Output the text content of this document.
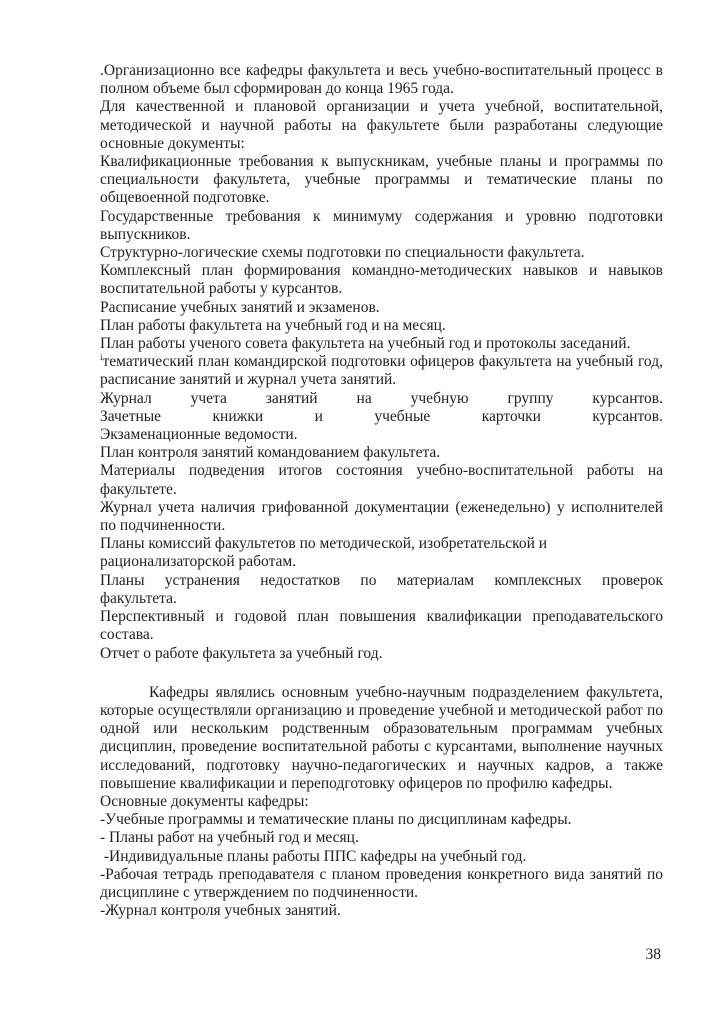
.Организационно все кафедры факультета и весь учебно-воспитательный процесс в полном объеме был сформирован до конца 1965 года.

Для качественной и плановой организации и учета учебной, воспитательной, методической и научной работы на факультете были разработаны следующие основные документы:

Квалификационные требования к выпускникам, учебные планы и программы по специальности факультета, учебные программы и тематические планы по общевоенной подготовке.

Государственные требования к минимуму содержания и уровню подготовки выпускников.

Структурно-логические схемы подготовки по специальности факультета.

Комплексный план формирования командно-методических навыков и навыков воспитательной работы у курсантов.

Расписание учебных занятий и экзаменов.

План работы факультета на учебный год и на месяц.

План работы ученого совета факультета на учебный год и протоколы заседаний.

$^i$тематический план командирской подготовки офицеров факультета на учебный год, расписание занятий и журнал учета занятий.

Журнал учета занятий на учебную группу курсантов.

Зачетные книжки и учебные карточки курсантов.

Экзаменационные ведомости.

План контроля занятий командованием факультета.

Материалы подведения итогов состояния учебно-воспитательной работы на факультете.

Журнал учета наличия грифованной документации (еженедельно) у исполнителей по подчиненности.

Планы комиссий факультетов по методической, изобретательской и

рационализаторской работам.

Планы устранения недостатков по материалам комплексных проверок

факультета.

Перспективный и годовой план повышения квалификации преподавательского состава.

Отчет о работе факультета за учебный год.

Кафедры являлись основным учебно-научным подразделением факультета, которые осуществляли организацию и проведение учебной и методической работ по одной или нескольким родственным образовательным программам учебных дисциплин, проведение воспитательной работы с курсантами, выполнение научных исследований, подготовку научно-педагогических и научных кадров, а также повышение квалификации и переподготовку офицеров по профилю кафедры.

Основные документы кафедры:

-Учебные программы и тематические планы по дисциплинам кафедры.

- Планы работ на учебный год и месяц.

-Индивидуальные планы работы ППС кафедры на учебный год.

-Рабочая тетрадь преподавателя с планом проведения конкретного вида занятий по дисциплине с утверждением по подчиненности.

-Журнал контроля учебных занятий.

38
